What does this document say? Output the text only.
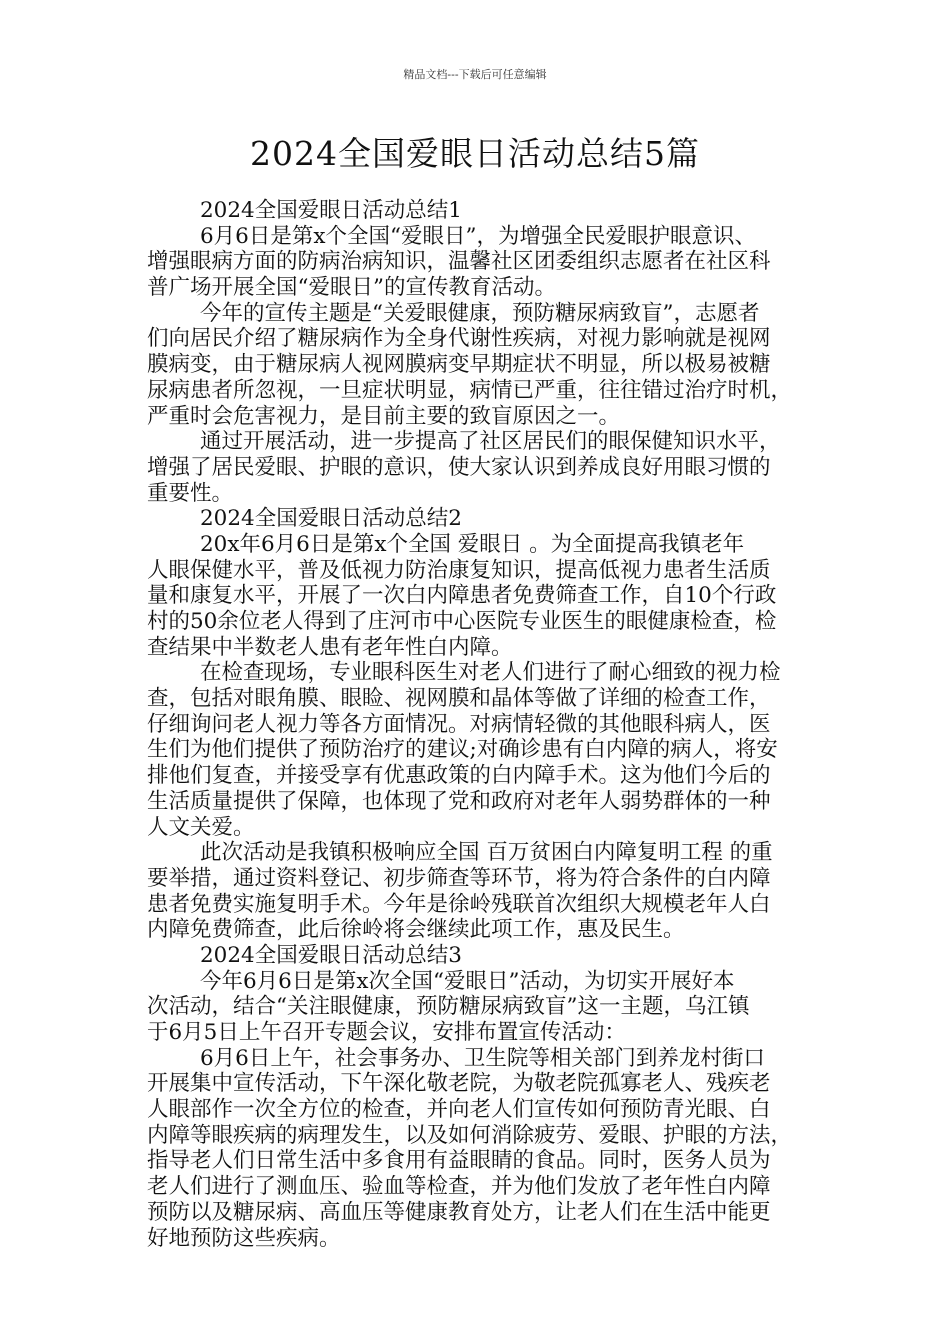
精品文档---下载后可任意编辑
2024全国爱眼日活动总结5篇
2024全国爱眼日活动总结1
6月6日是第x个全国“爱眼日”，为增强全民爱眼护眼意识、
增强眼病方面的防病治病知识，温馨社区团委组织志愿者在社区科
普广场开展全国“爱眼日”的宣传教育活动。
今年的宣传主题是“关爱眼健康，预防糖尿病致盲”，志愿者
们向居民介绍了糖尿病作为全身代谢性疾病，对视力影响就是视网
膜病变，由于糖尿病人视网膜病变早期症状不明显，所以极易被糖
尿病患者所忽视，一旦症状明显，病情已严重，往往错过治疗时机，
严重时会危害视力，是目前主要的致盲原因之一。
通过开展活动，进一步提高了社区居民们的眼保健知识水平，
增强了居民爱眼、护眼的意识，使大家认识到养成良好用眼习惯的
重要性。
2024全国爱眼日活动总结2
20x年6月6日是第x个全国 爱眼日 。为全面提高我镇老年
人眼保健水平，普及低视力防治康复知识，提高低视力患者生活质
量和康复水平，开展了一次白内障患者免费筛查工作，自10个行政
村的50余位老人得到了庄河市中心医院专业医生的眼健康检查，检
查结果中半数老人患有老年性白内障。
在检查现场，专业眼科医生对老人们进行了耐心细致的视力检
查，包括对眼角膜、眼睑、视网膜和晶体等做了详细的检查工作，
仔细询问老人视力等各方面情况。对病情轻微的其他眼科病人，医
生们为他们提供了预防治疗的建议;对确诊患有白内障的病人，将安
排他们复查，并接受享有优惠政策的白内障手术。这为他们今后的
生活质量提供了保障，也体现了党和政府对老年人弱势群体的一种
人文关爱。
此次活动是我镇积极响应全国 百万贫困白内障复明工程 的重
要举措，通过资料登记、初步筛查等环节，将为符合条件的白内障
患者免费实施复明手术。今年是徐岭残联首次组织大规模老年人白
内障免费筛查，此后徐岭将会继续此项工作，惠及民生。
2024全国爱眼日活动总结3
今年6月6日是第x次全国“爱眼日”活动，为切实开展好本
次活动，结合“关注眼健康，预防糖尿病致盲”这一主题，乌江镇
于6月5日上午召开专题会议，安排布置宣传活动：
6月6日上午，社会事务办、卫生院等相关部门到养龙村街口
开展集中宣传活动，下午深化敬老院，为敬老院孤寡老人、残疾老
人眼部作一次全方位的检查，并向老人们宣传如何预防青光眼、白
内障等眼疾病的病理发生，以及如何消除疲劳、爱眼、护眼的方法，
指导老人们日常生活中多食用有益眼睛的食品。同时，医务人员为
老人们进行了测血压、验血等检查，并为他们发放了老年性白内障
预防以及糖尿病、高血压等健康教育处方，让老人们在生活中能更
好地预防这些疾病。
